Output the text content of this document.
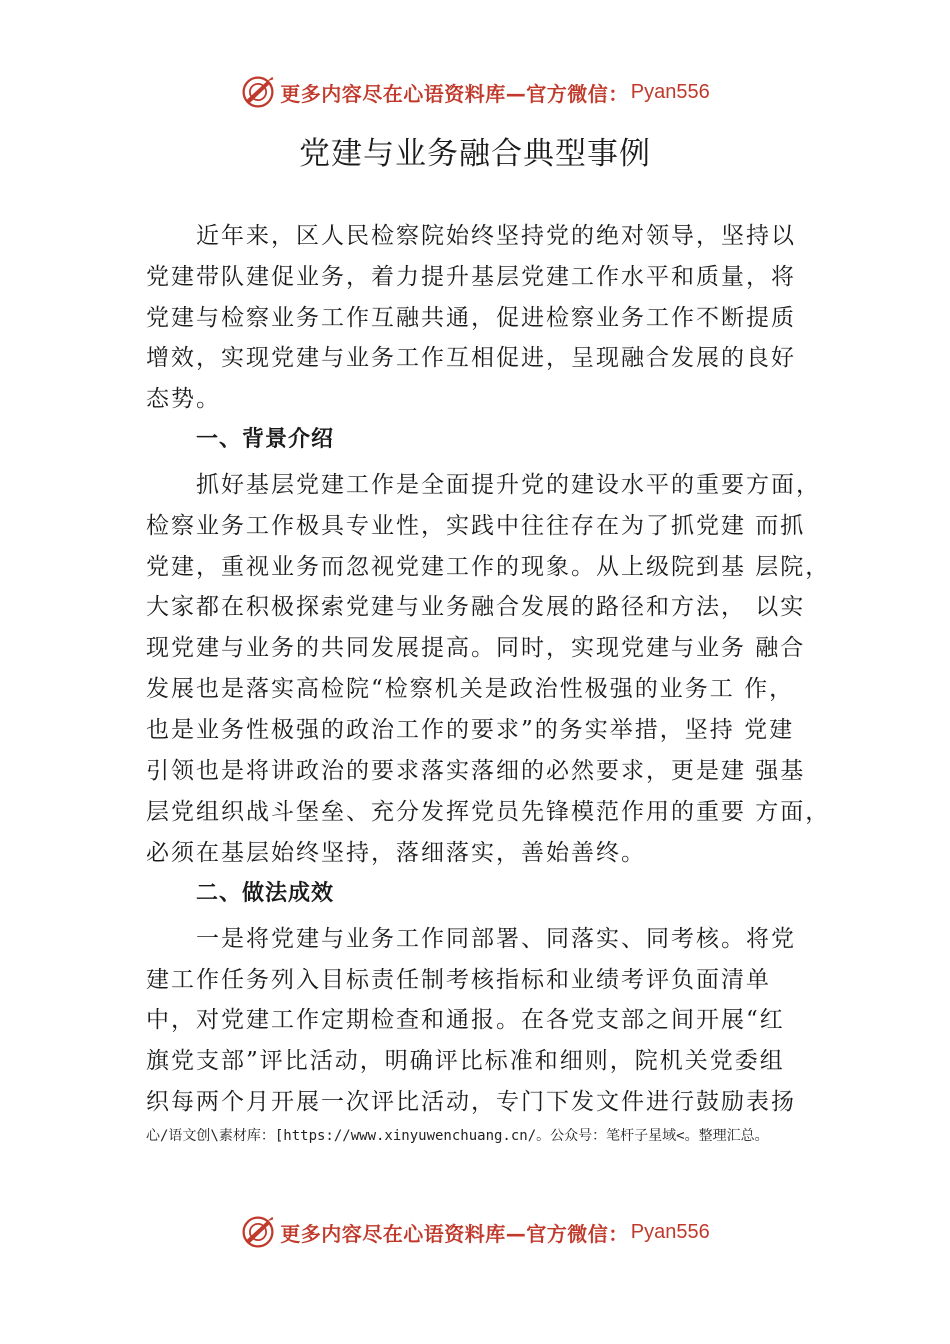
更多内容尽在心语资料库—官方微信： Pyan556
党建与业务融合典型事例
近年来，区人民检察院始终坚持党的绝对领导，坚持以
党建带队建促业务，着力提升基层党建工作水平和质量，将
党建与检察业务工作互融共通，促进检察业务工作不断提质
增效，实现党建与业务工作互相促进，呈现融合发展的良好
态势。
一、背景介绍
抓好基层党建工作是全面提升党的建设水平的重要方面，
检察业务工作极具专业性，实践中往往存在为了抓党建 而抓
党建，重视业务而忽视党建工作的现象。从上级院到基 层院，
大家都在积极探索党建与业务融合发展的路径和方法， 以实
现党建与业务的共同发展提高。同时，实现党建与业务 融合
发展也是落实高检院“检察机关是政治性极强的业务工 作，
也是业务性极强的政治工作的要求”的务实举措，坚持 党建
引领也是将讲政治的要求落实落细的必然要求，更是建 强基
层党组织战斗堡垒、充分发挥党员先锋模范作用的重要 方面，
必须在基层始终坚持，落细落实，善始善终。
二、做法成效
一是将党建与业务工作同部署、同落实、同考核。将党
建工作任务列入目标责任制考核指标和业绩考评负面清单
中，对党建工作定期检查和通报。在各党支部之间开展“红
旗党支部”评比活动，明确评比标准和细则，院机关党委组
织每两个月开展一次评比活动，专门下发文件进行鼓励表扬
心/语文创\素材库：[https://www.xinyuwenchuang.cn/。公众号：笔杆子星域<。整理汇总。
更多内容尽在心语资料库—官方微信： Pyan556
